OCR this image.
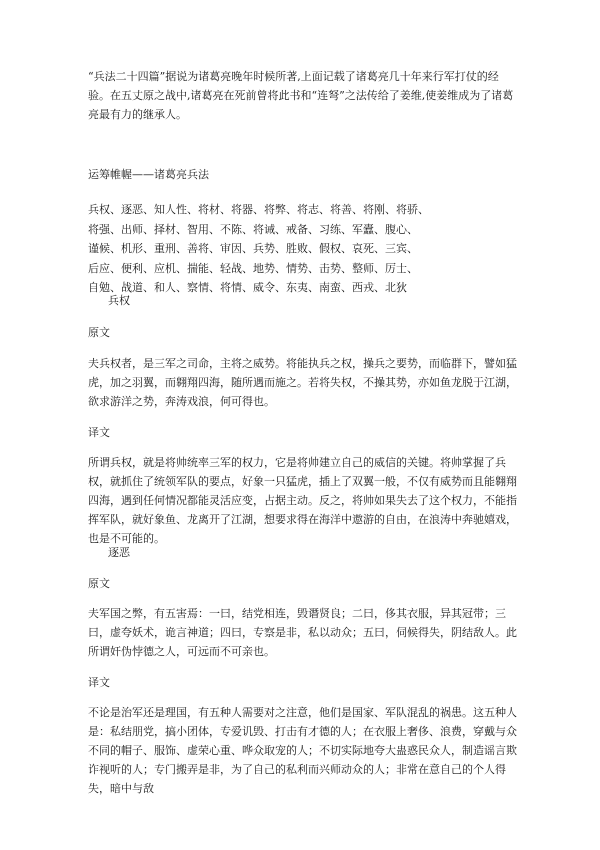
“兵法二十四篇”据说为诸葛亮晚年时候所著,上面记载了诸葛亮几十年来行军打仗的经验。在五丈原之战中,诸葛亮在死前曾将此书和“连弩”之法传给了姜维,使姜维成为了诸葛亮最有力的继承人。

运筹帷幄——诸葛亮兵法

兵权、逐恶、知人性、将材、将器、将弊、将志、将善、将刚、将骄、
将强、出师、择材、智用、不陈、将诫、戒备、习练、军蠹、腹心、
谨候、机形、重刑、善将、审因、兵势、胜败、假权、哀死、三宾、
后应、便利、应机、揣能、轻战、地势、情势、击势、整师、厉士、
自勉、战道、和人、察情、将情、威令、东夷、南蛮、西戎、北狄

兵权

原文

夫兵权者，是三军之司命，主将之威势。将能执兵之权，操兵之要势，而临群下，譬如猛虎，加之羽翼，而翱翔四海，随所遇而施之。若将失权，不操其势，亦如鱼龙脱于江湖，欲求游洋之势，奔涛戏浪，何可得也。

译文

所谓兵权，就是将帅统率三军的权力，它是将帅建立自己的威信的关键。将帅掌握了兵权，就抓住了统领军队的要点，好象一只猛虎，插上了双翼一般，不仅有威势而且能翱翔四海，遇到任何情况都能灵活应变，占据主动。反之，将帅如果失去了这个权力，不能指挥军队，就好象鱼、龙离开了江湖，想要求得在海洋中遨游的自由，在浪涛中奔驰嬉戏，也是不可能的。

逐恶

原文

夫军国之弊，有五害焉：一曰，结党相连，毁谮贤良；二曰，侈其衣服，异其冠带；三曰，虚夸妖术，诡言神道；四曰，专察是非，私以动众；五曰，伺候得失，阴结敌人。此所谓奸伪悖德之人，可远而不可亲也。

译文

不论是治军还是理国，有五种人需要对之注意，他们是国家、军队混乱的祸患。这五种人是：私结朋党，搞小团体，专爱讥毁、打击有才德的人；在衣服上奢侈、浪费，穿戴与众不同的帽子、服饰、虚荣心重、哗众取宠的人；不切实际地夸大蛊惑民众人，制造谣言欺诈视听的人；专门搬弄是非，为了自己的私利而兴师动众的人；非常在意自己的个人得失，暗中与敌
